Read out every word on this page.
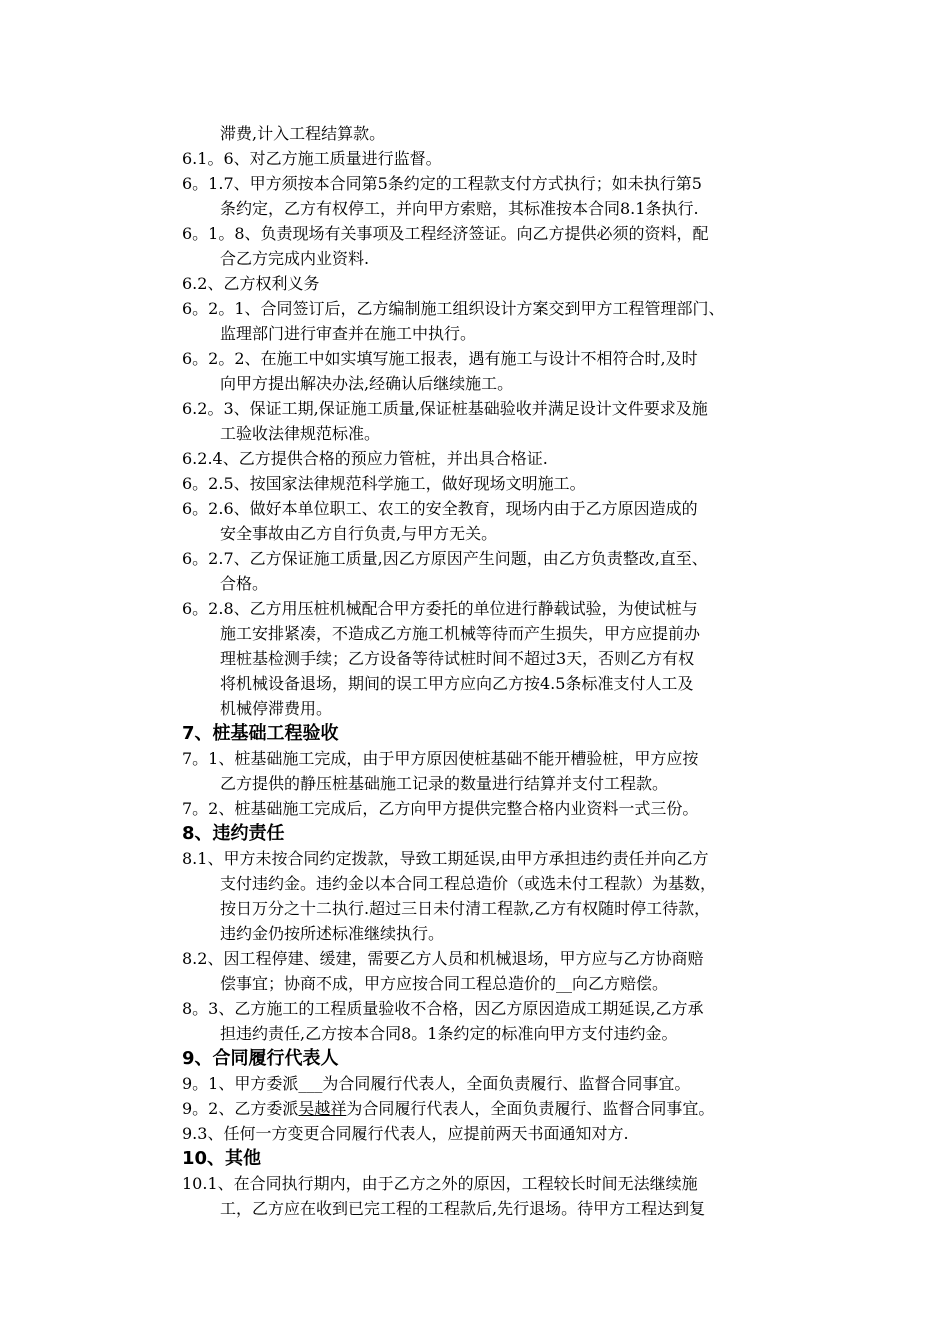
滞费,计入工程结算款。
6.1。6、对乙方施工质量进行监督。
6。1.7、甲方须按本合同第5条约定的工程款支付方式执行；如未执行第5
条约定，乙方有权停工，并向甲方索赔，其标准按本合同8.1条执行.
6。1。8、负责现场有关事项及工程经济签证。向乙方提供必须的资料，配
合乙方完成内业资料.
6.2、乙方权利义务
6。2。1、合同签订后，乙方编制施工组织设计方案交到甲方工程管理部门、
监理部门进行审查并在施工中执行。
6。2。2、在施工中如实填写施工报表，遇有施工与设计不相符合时,及时
向甲方提出解决办法,经确认后继续施工。
6.2。3、保证工期,保证施工质量,保证桩基础验收并满足设计文件要求及施
工验收法律规范标准。
6.2.4、乙方提供合格的预应力管桩，并出具合格证.
6。2.5、按国家法律规范科学施工，做好现场文明施工。
6。2.6、做好本单位职工、农工的安全教育，现场内由于乙方原因造成的
安全事故由乙方自行负责,与甲方无关。
6。2.7、乙方保证施工质量,因乙方原因产生问题，由乙方负责整改,直至、
合格。
6。2.8、乙方用压桩机械配合甲方委托的单位进行静载试验，为使试桩与
施工安排紧凑，不造成乙方施工机械等待而产生损失，甲方应提前办
理桩基检测手续；乙方设备等待试桩时间不超过3天，否则乙方有权
将机械设备退场，期间的误工甲方应向乙方按4.5条标准支付人工及
机械停滞费用。
7、桩基础工程验收
7。1、桩基础施工完成，由于甲方原因使桩基础不能开槽验桩，甲方应按
乙方提供的静压桩基础施工记录的数量进行结算并支付工程款。
7。2、桩基础施工完成后，乙方向甲方提供完整合格内业资料一式三份。
8、违约责任
8.1、甲方未按合同约定拨款，导致工期延误,由甲方承担违约责任并向乙方
支付违约金。违约金以本合同工程总造价（或选未付工程款）为基数，
按日万分之十二执行.超过三日未付清工程款,乙方有权随时停工待款，
违约金仍按所述标准继续执行。
8.2、因工程停建、缓建，需要乙方人员和机械退场，甲方应与乙方协商赔
偿事宜；协商不成，甲方应按合同工程总造价的__向乙方赔偿。
8。3、乙方施工的工程质量验收不合格，因乙方原因造成工期延误,乙方承
担违约责任,乙方按本合同8。1条约定的标准向甲方支付违约金。
9、合同履行代表人
9。1、甲方委派___为合同履行代表人，全面负责履行、监督合同事宜。
9。2、乙方委派吴越祥为合同履行代表人，全面负责履行、监督合同事宜。
9.3、任何一方变更合同履行代表人，应提前两天书面通知对方.
10、其他
10.1、在合同执行期内，由于乙方之外的原因，工程较长时间无法继续施
工，乙方应在收到已完工程的工程款后,先行退场。待甲方工程达到复
